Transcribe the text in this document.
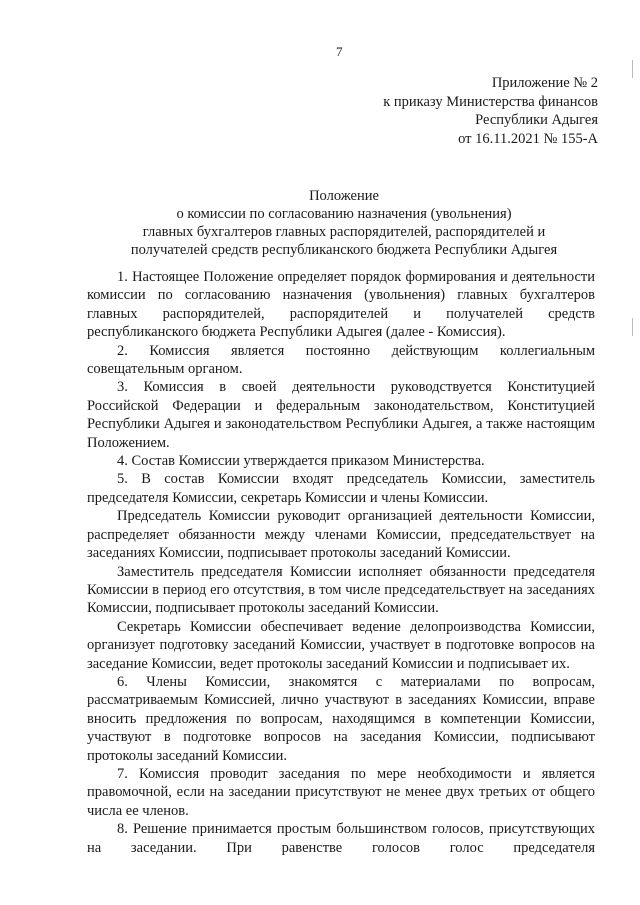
7
Приложение № 2
к приказу Министерства финансов
Республики Адыгея
от 16.11.2021 № 155-А
Положение
о комиссии по согласованию назначения (увольнения)
главных бухгалтеров главных распорядителей, распорядителей и
получателей средств республиканского бюджета Республики Адыгея

1. Настоящее Положение определяет порядок формирования и деятельности комиссии по согласованию назначения (увольнения) главных бухгалтеров главных распорядителей, распорядителей и получателей средств республиканского бюджета Республики Адыгея (далее - Комиссия).

2. Комиссия является постоянно действующим коллегиальным совещательным органом.

3. Комиссия в своей деятельности руководствуется Конституцией Российской Федерации и федеральным законодательством, Конституцией Республики Адыгея и законодательством Республики Адыгея, а также настоящим Положением.

4. Состав Комиссии утверждается приказом Министерства.

5. В состав Комиссии входят председатель Комиссии, заместитель председателя Комиссии, секретарь Комиссии и члены Комиссии.

Председатель Комиссии руководит организацией деятельности Комиссии, распределяет обязанности между членами Комиссии, председательствует на заседаниях Комиссии, подписывает протоколы заседаний Комиссии.

Заместитель председателя Комиссии исполняет обязанности председателя Комиссии в период его отсутствия, в том числе председательствует на заседаниях Комиссии, подписывает протоколы заседаний Комиссии.

Секретарь Комиссии обеспечивает ведение делопроизводства Комиссии, организует подготовку заседаний Комиссии, участвует в подготовке вопросов на заседание Комиссии, ведет протоколы заседаний Комиссии и подписывает их.

6. Члены Комиссии, знакомятся с материалами по вопросам, рассматриваемым Комиссией, лично участвуют в заседаниях Комиссии, вправе вносить предложения по вопросам, находящимся в компетенции Комиссии, участвуют в подготовке вопросов на заседания Комиссии, подписывают протоколы заседаний Комиссии.

7. Комиссия проводит заседания по мере необходимости и является правомочной, если на заседании присутствуют не менее двух третьих от общего числа ее членов.

8. Решение принимается простым большинством голосов, присутствующих на заседании. При равенстве голосов голос председателя
